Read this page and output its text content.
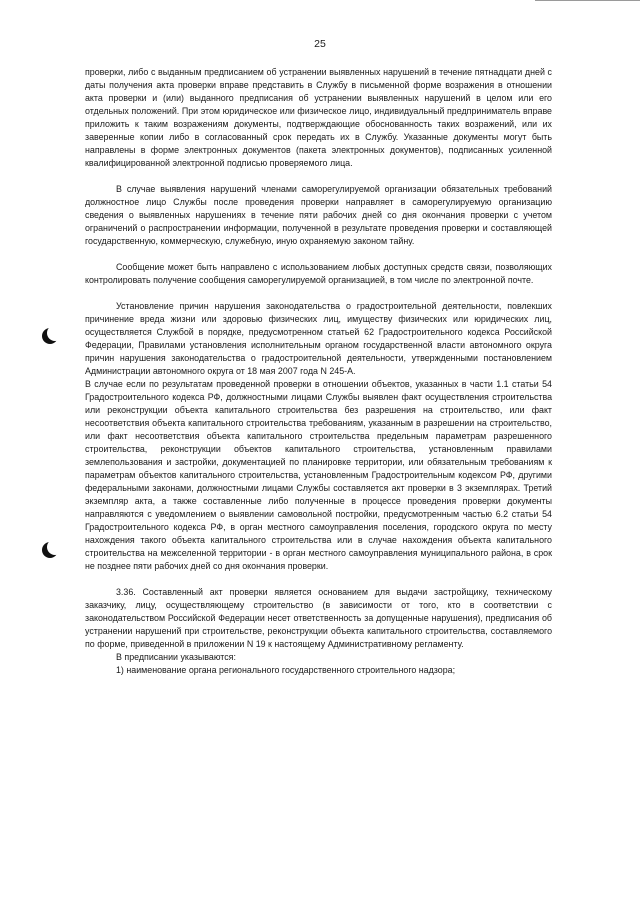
25

проверки, либо с выданным предписанием об устранении выявленных нарушений в течение пятнадцати дней с даты получения акта проверки вправе представить в Службу в письменной форме возражения в отношении акта проверки и (или) выданного предписания об устранении выявленных нарушений в целом или его отдельных положений. При этом юридическое или физическое лицо, индивидуальный предприниматель вправе приложить к таким возражениям документы, подтверждающие обоснованность таких возражений, или их заверенные копии либо в согласованный срок передать их в Службу. Указанные документы могут быть направлены в форме электронных документов (пакета электронных документов), подписанных усиленной квалифицированной электронной подписью проверяемого лица.

В случае выявления нарушений членами саморегулируемой организации обязательных требований должностное лицо Службы после проведения проверки направляет в саморегулируемую организацию сведения о выявленных нарушениях в течение пяти рабочих дней со дня окончания проверки с учетом ограничений о распространении информации, полученной в результате проведения проверки и составляющей государственную, коммерческую, служебную, иную охраняемую законом тайну.

Сообщение может быть направлено с использованием любых доступных средств связи, позволяющих контролировать получение сообщения саморегулируемой организацией, в том числе по электронной почте.

Установление причин нарушения законодательства о градостроительной деятельности, повлекших причинение вреда жизни или здоровью физических лиц, имуществу физических или юридических лиц, осуществляется Службой в порядке, предусмотренном статьей 62 Градостроительного кодекса Российской Федерации, Правилами установления исполнительным органом государственной власти автономного округа причин нарушения законодательства о градостроительной деятельности, утвержденными постановлением Администрации автономного округа от 18 мая 2007 года N 245-А.

В случае если по результатам проведенной проверки в отношении объектов, указанных в части 1.1 статьи 54 Градостроительного кодекса РФ, должностными лицами Службы выявлен факт осуществления строительства или реконструкции объекта капитального строительства без разрешения на строительство, или факт несоответствия объекта капитального строительства требованиям, указанным в разрешении на строительство, или факт несоответствия объекта капитального строительства предельным параметрам разрешенного строительства, реконструкции объектов капитального строительства, установленным правилами землепользования и застройки, документацией по планировке территории, или обязательным требованиям к параметрам объектов капитального строительства, установленным Градостроительным кодексом РФ, другими федеральными законами, должностными лицами Службы составляется акт проверки в 3 экземплярах. Третий экземпляр акта, а также составленные либо полученные в процессе проведения проверки документы направляются с уведомлением о выявлении самовольной постройки, предусмотренным частью 6.2 статьи 54 Градостроительного кодекса РФ, в орган местного самоуправления поселения, городского округа по месту нахождения такого объекта капитального строительства или в случае нахождения объекта капитального строительства на межселенной территории - в орган местного самоуправления муниципального района, в срок не позднее пяти рабочих дней со дня окончания проверки.

3.36. Составленный акт проверки является основанием для выдачи застройщику, техническому заказчику, лицу, осуществляющему строительство (в зависимости от того, кто в соответствии с законодательством Российской Федерации несет ответственность за допущенные нарушения), предписания об устранении нарушений при строительстве, реконструкции объекта капитального строительства, составляемого по форме, приведенной в приложении N 19 к настоящему Административному регламенту.

В предписании указываются:

1) наименование органа регионального государственного строительного надзора;
